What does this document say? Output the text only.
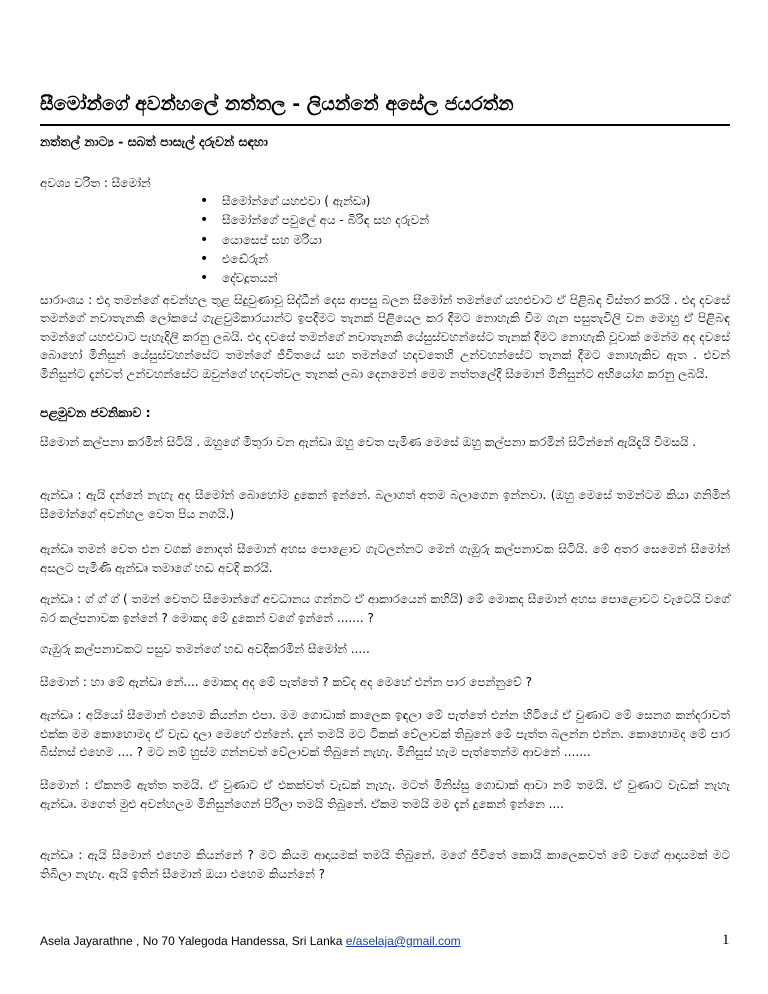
සීමෝන්ගේ අවන්හලේ නත්තල - ලියන්නේ අසේල ජයරත්න
නත්තල් නාට්‍ය - සබත් පාසැල් දරුවන් සඳහා
අවශ්‍ය චරිත : සීමෝන්
• සීමෝන්ගේ යහළුවා ( ඇන්ඩෘ)
• සීමෝන්ගේ පවුලේ අය - බිරිඳ සහ දරුවන්
• යොසෙප් සහ මරියා
• එඬේරුන්
• දේවදූතයන්
සාරාංශය : එදා තමන්ගේ අවන්හල තුළ සිදුවුණාවූ සිද්ධීන් දෙස ආපසු බලන සීමෝන් තමන්ගේ යහළුවාට ඒ පිළිබඳ විස්තර කරයි . එදා දවසේ තමන්ගේ නවාතැනකි ලෝකයේ ගැළවුම්කාරයාන්ට ඉපදීමට තැනක් පිළියෙල කර දීමට නොහැකි වීම ගැන පසුතැවිලි වන මොහු ඒ පිළිබඳ තමන්ගේ යහළුවාට පැහැදිලි කරනු ලබයි. එදා දවසේ තමන්ගේ නවාතැනකි යේසුස්වහන්සේට තැනක් දීමට නොහැකි වූවාක් මෙන්ම අද දවසේ බොහෝ මිනිසුන් යේසුස්වහන්සේට තමන්ගේ ජීවිතයේ සහ තමන්ගේ හදවතෙහි උන්වහන්සේට තැනක් දීමට නොහැකිව ඇත . එවන් මිනිසුන්ට දැන්වත් උන්වහන්සේට ඔවුන්ගේ හදවත්වල තැනක් ලබා දෙනමෙන් මෙම නත්තලේදී සීමොන් මිනිසුන්ට අභියෝග කරනු ලබයි.
පළමුවන ජවනිකාව :

සීමොන් කල්පනා කරමින් සිටියි . ඔහුගේ මිතුරා වන ඇන්ඩෘ ඔහු වෙත පැමිණ මෙසේ ඔහු කල්පනා කරමින් සිටින්නේ ඇයිදැයි විමසයි .

ඇන්ඩෘ : ඇයි දන්නේ නැහැ අද සීමෝන් බොහෝම දුකෙන් ඉන්නේ. බලාගත් අතම බලාගෙන ඉන්නවා. (ඔහු මෙසේ තමන්ටම කියා ගනිමින් සීමෝන්ගේ අවන්හල වෙත පිය නගයි.)

ඇන්ඩෘ තමන් වෙත එන වගක් නොදත් සීමොන් අහස පොළොව ගැටලන්නට මෙන් ගැඹුරු කල්පනාවක සිටියි. මේ අතර සෙමෙන් සීමෝන් අසලට පැමිණි ඇන්ඩෘ තමාගේ හඬ අවදි කරයි.

ඇන්ඩෘ : ග් ග් ග් ( තමන් වෙතට සීමොන්ගේ අවධානය ගන්නට ඒ ආකාරයෙන් කහියි) මේ මොකද සීමොන් අහස පොළොවට වැටෙයි වගේ බර කල්පනාවක ඉන්නේ ? මොකද මේ දුකෙන් වගේ ඉන්නේ ....... ?

ගැඹුරු කල්පනාවකට පසුව තමන්ගේ හඬ අවදිකරමින් සීමෝන් .....

සීමොන් : හා මේ ඇන්ඩෘ නේ.... මොකද අද මේ පැත්තේ ? කව්ද අද මෙහේ එන්න පාර පෙන්නුවේ ?

ඇන්ඩෘ : අයියෝ සීමොන් එහෙම කියන්න එපා. මම ගොඩාක් කාලෙක ඉඳලා මේ පැත්තේ එන්න හිටියේ ඒ වුණාට මේ සෙනග කන්දරාවත් එක්ක මම කොහොමද ඒ වැඩ දාලා මෙහේ එන්නේ. දැන් තමයි මට ටිකක් වේලාවක් තිබුනේ මේ පැත්ත බලන්න එන්න. කොහොමද මේ පාර බිස්නස් එහෙම .... ? මට නම් හුස්ම ගන්නවත් වේලාවක් තිබුනේ නැහැ. මිනිසුස් හැම පැත්තෙන්ම ආවනේ .......

සීමොන් : ඒකනම් ඇත්ත තමයි. ඒ වුණාට ඒ එකක්වත් වැඩක් නැහැ. මටත් මිනිස්සු ගොඩාක් ආවා නම් තමයි. ඒ වුණාට වැඩක් නැහැ ඇන්ඩෘ. මගෙත් මුළු අවන්හලම මිනිසුන්ගෙන් පිරිලා තමයි තිබුනේ. ඒකම තමයි මම දැන් දුකෙන් ඉන්නෙ ....

ඇන්ඩෘ : ඇයි සීමොන් එහෙම කියන්නේ ? මට කියම ආදායමක් තමයි තිබුනේ. මගේ ජීවිතේ කොයි කාලෙකවත් මේ වගේ ආදායමක් මට තිබිලා නැහැ. ඇයි ඉතින් සීමොන් ඔයා එහෙම කියන්නේ ?

Asela Jayarathne , No 70 Yalegoda Handessa, Sri Lanka e/aselaja@gmail.com	1
